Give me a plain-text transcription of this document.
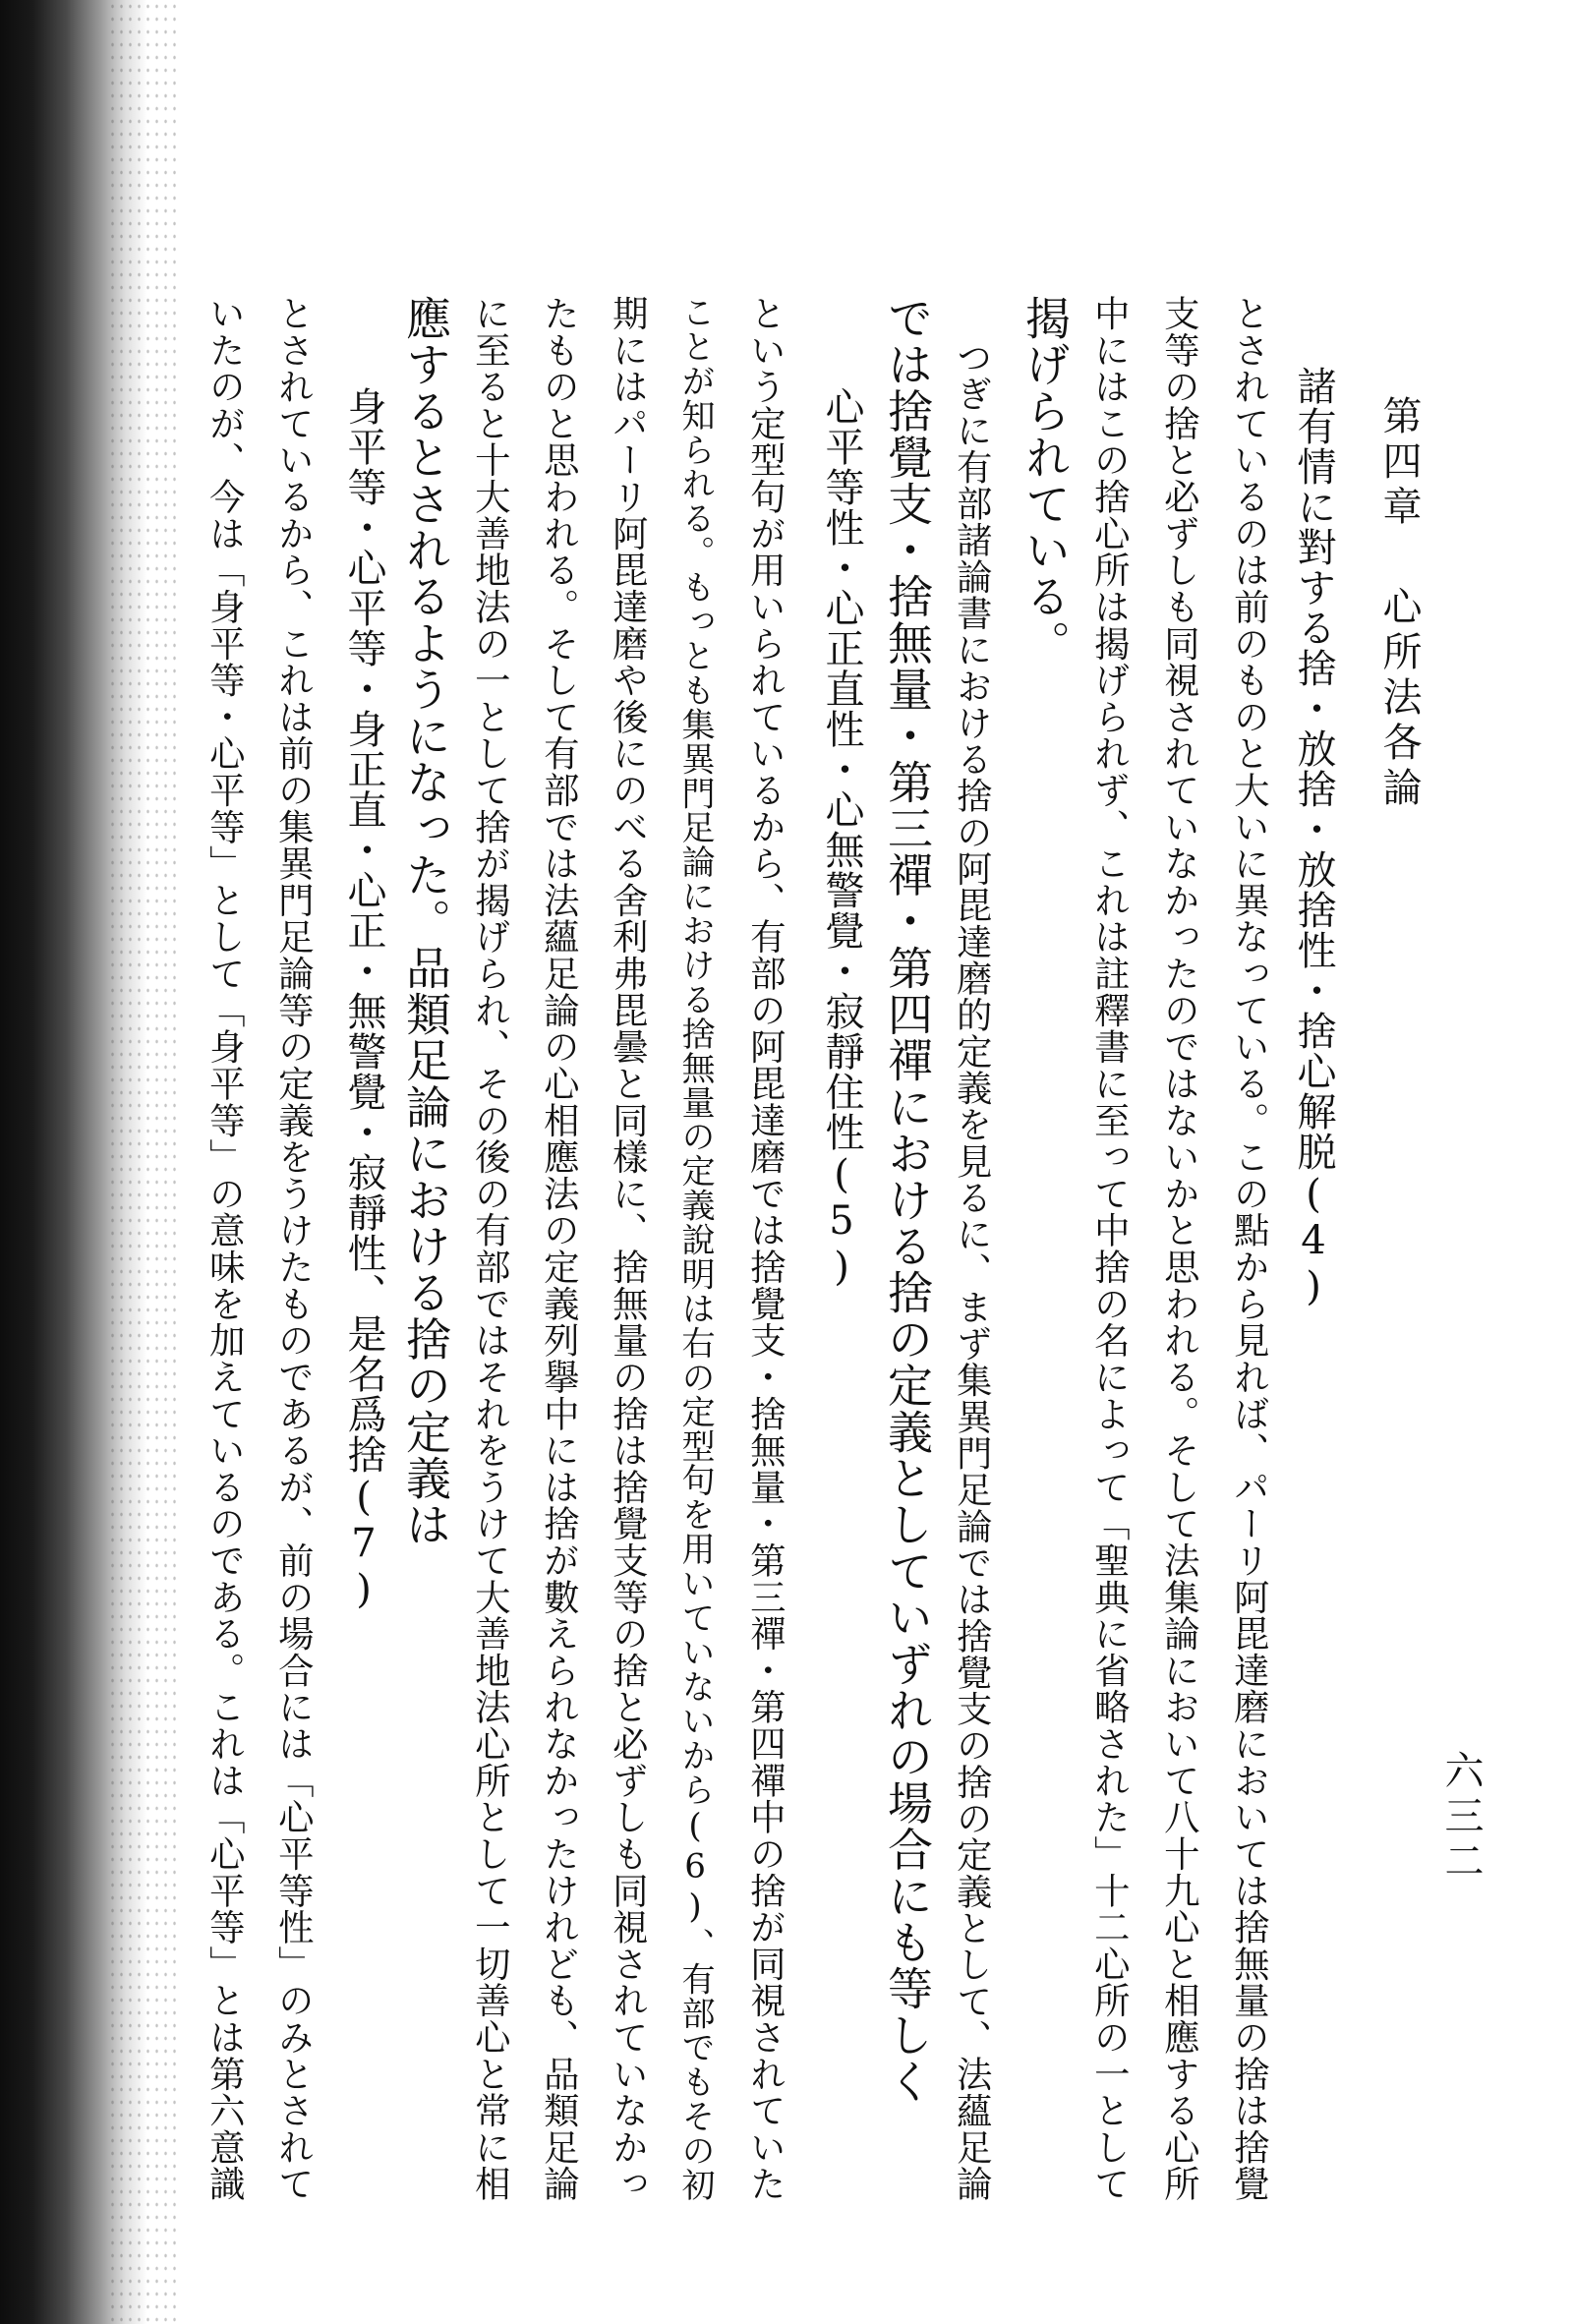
六三二
第四章
心所法各論
諸有情に對する捨・放捨・放捨性・捨心解脱(4)
とされているのは前のものと大いに異なっている。この點から見れば、パーリ阿毘達磨においては捨無量の捨は捨覺
支等の捨と必ずしも同視されていなかったのではないかと思われる。そして法集論において八十九心と相應する心所
中にはこの捨心所は揭げられず、これは註釋書に至って中捨の名によって「聖典に省略された」十二心所の一として
揭げられている。
つぎに有部諸論書における捨の阿毘達磨的定義を見るに、まず集異門足論では捨覺支の捨の定義として、法蘊足論
では捨覺支・捨無量・第三禪・第四禪における捨の定義としていずれの場合にも等しく
心平等性・心正直性・心無警覺・寂靜住性(5)
という定型句が用いられているから、有部の阿毘達磨では捨覺支・捨無量・第三禪・第四禪中の捨が同視されていた
ことが知られる。もっとも集異門足論における捨無量の定義說明は右の定型句を用いていないから(6)、有部でもその初
期にはパーリ阿毘達磨や後にのべる舍利弗毘曇と同樣に、捨無量の捨は捨覺支等の捨と必ずしも同視されていなかっ
たものと思われる。そして有部では法蘊足論の心相應法の定義列擧中には捨が數えられなかったけれども、品類足論
に至ると十大善地法の一として捨が揭げられ、その後の有部ではそれをうけて大善地法心所として一切善心と常に相
應するとされるようになった。品類足論における捨の定義は
身平等・心平等・身正直・心正・無警覺・寂靜性、是名爲捨(7)
とされているから、これは前の集異門足論等の定義をうけたものであるが、前の場合には「心平等性」のみとされて
いたのが、今は「身平等・心平等」として「身平等」の意味を加えているのである。これは「心平等」とは第六意識
